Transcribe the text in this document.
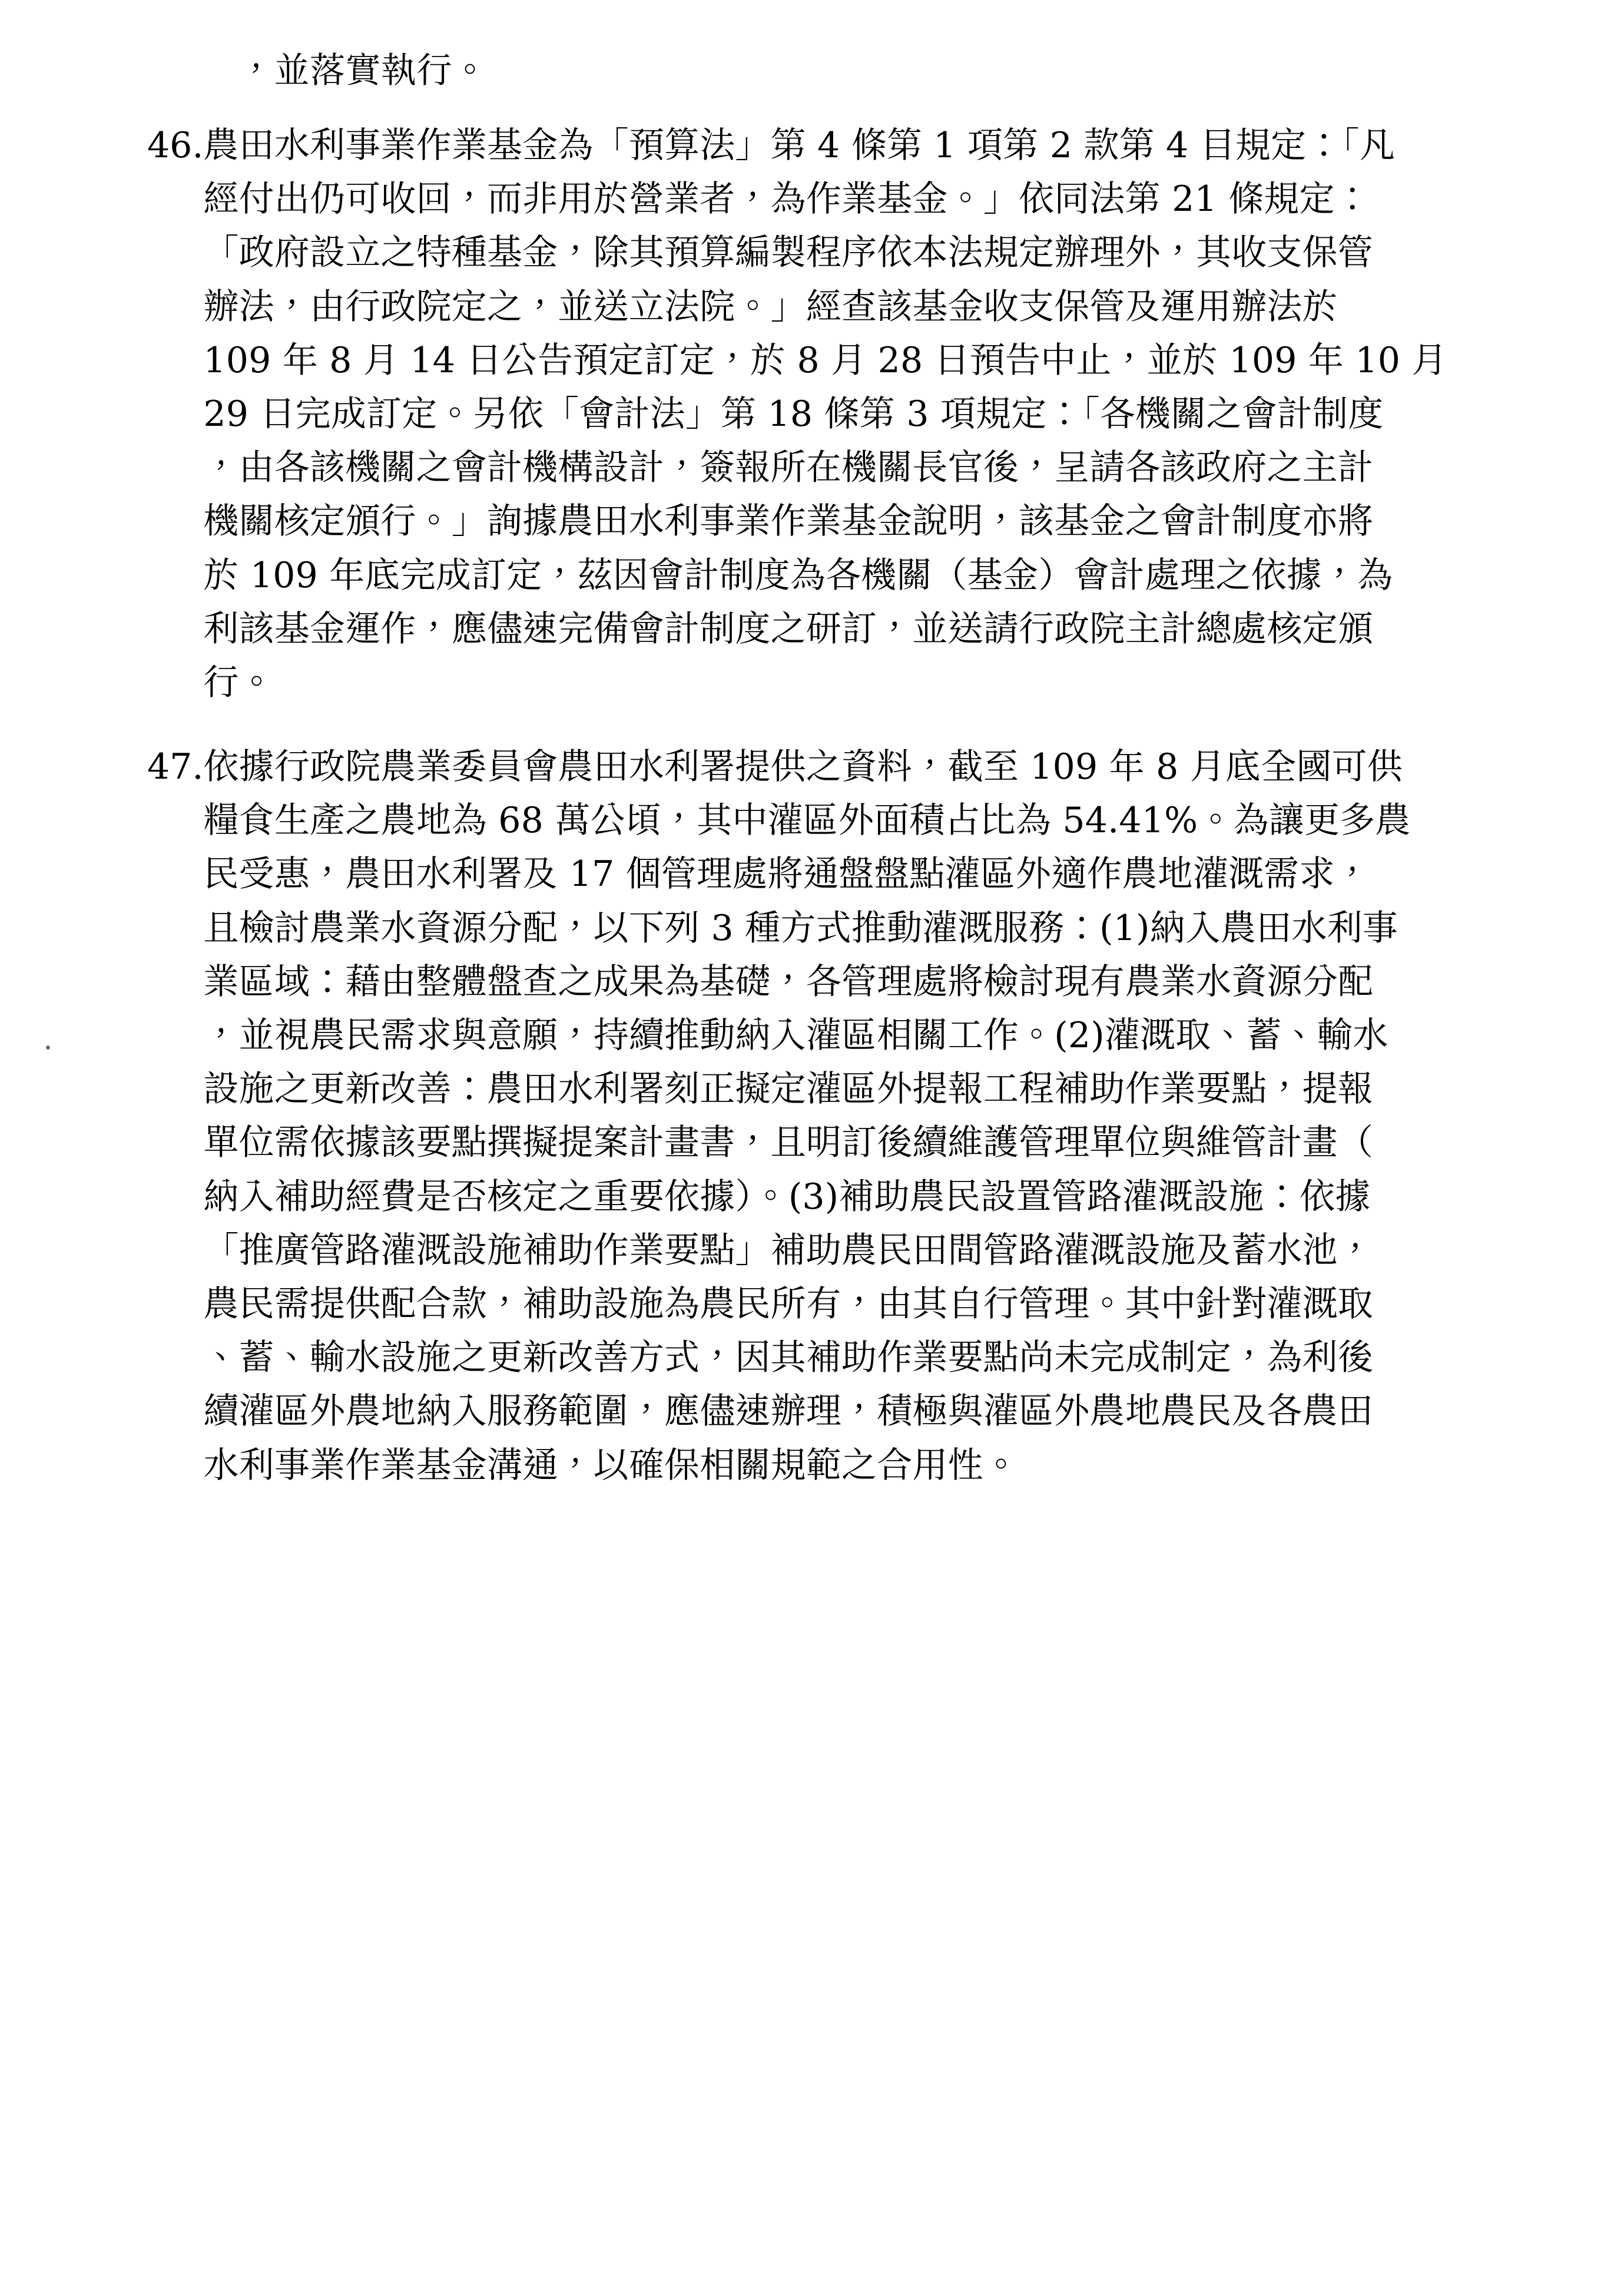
，並落實執行。
46. 農田水利事業作業基金為「預算法」第 4 條第 1 項第 2 款第 4 目規定：「凡
經付出仍可收回，而非用於營業者，為作業基金。」依同法第 21 條規定：
「政府設立之特種基金，除其預算編製程序依本法規定辦理外，其收支保管
辦法，由行政院定之，並送立法院。」經查該基金收支保管及運用辦法於
109 年 8 月 14 日公告預定訂定，於 8 月 28 日預告中止，並於 109 年 10 月
29 日完成訂定。另依「會計法」第 18 條第 3 項規定：「各機關之會計制度
，由各該機關之會計機構設計，簽報所在機關長官後，呈請各該政府之主計
機關核定頒行。」詢據農田水利事業作業基金說明，該基金之會計制度亦將
於 109 年底完成訂定，茲因會計制度為各機關（基金）會計處理之依據，為
利該基金運作，應儘速完備會計制度之研訂，並送請行政院主計總處核定頒
行。
47. 依據行政院農業委員會農田水利署提供之資料，截至 109 年 8 月底全國可供
糧食生產之農地為 68 萬公頃，其中灌區外面積占比為 54.41%。為讓更多農
民受惠，農田水利署及 17 個管理處將通盤盤點灌區外適作農地灌溉需求，
且檢討農業水資源分配，以下列 3 種方式推動灌溉服務：(1)納入農田水利事
業區域：藉由整體盤查之成果為基礎，各管理處將檢討現有農業水資源分配
，並視農民需求與意願，持續推動納入灌區相關工作。(2)灌溉取、蓄、輸水
設施之更新改善：農田水利署刻正擬定灌區外提報工程補助作業要點，提報
單位需依據該要點撰擬提案計畫書，且明訂後續維護管理單位與維管計畫（
納入補助經費是否核定之重要依據）。(3)補助農民設置管路灌溉設施：依據
「推廣管路灌溉設施補助作業要點」補助農民田間管路灌溉設施及蓄水池，
農民需提供配合款，補助設施為農民所有，由其自行管理。其中針對灌溉取
、蓄、輸水設施之更新改善方式，因其補助作業要點尚未完成制定，為利後
續灌區外農地納入服務範圍，應儘速辦理，積極與灌區外農地農民及各農田
水利事業作業基金溝通，以確保相關規範之合用性。
